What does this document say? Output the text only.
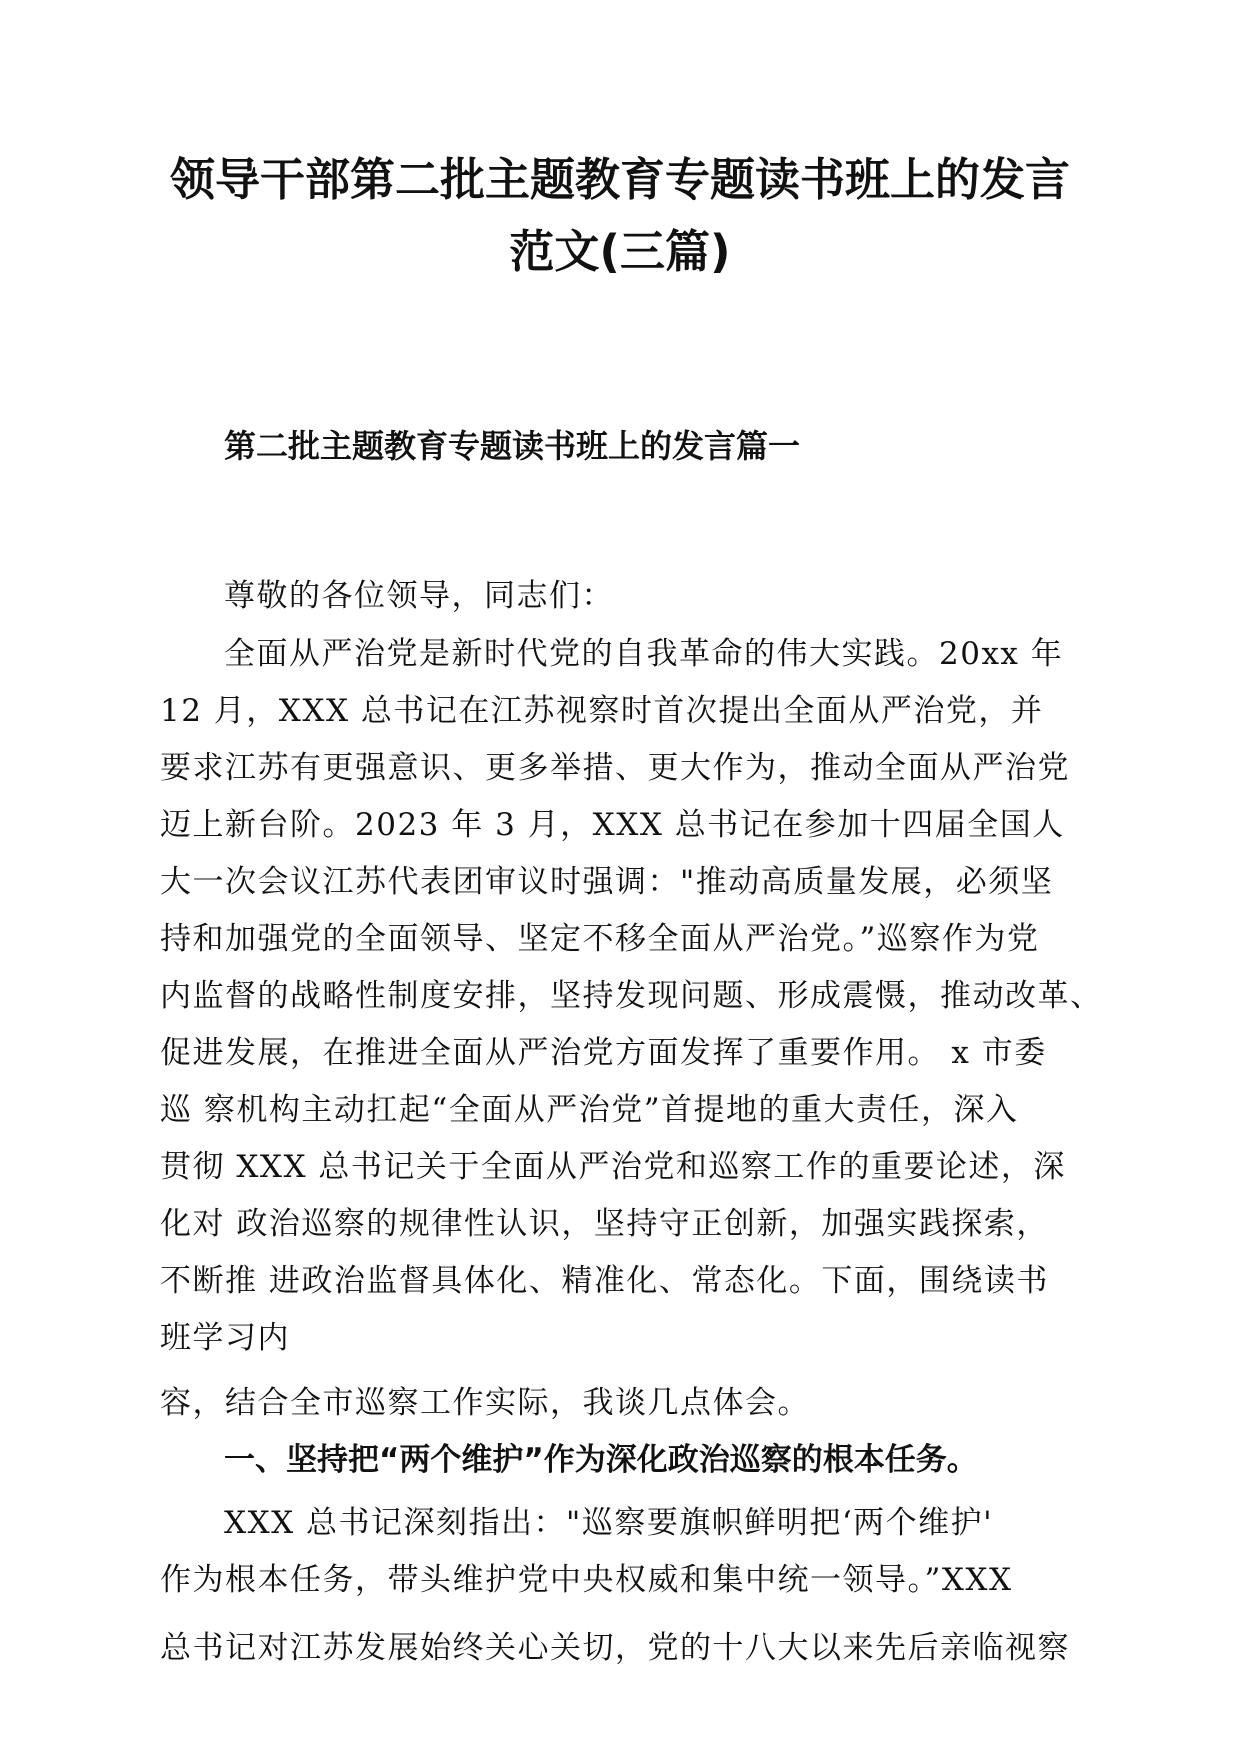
领导干部第二批主题教育专题读书班上的发言
范文(三篇)
第二批主题教育专题读书班上的发言篇一

尊敬的各位领导，同志们：

全面从严治党是新时代党的自我革命的伟大实践。20xx 年

12 月，XXX 总书记在江苏视察时首次提出全面从严治党，并

要求江苏有更强意识、更多举措、更大作为，推动全面从严治党

迈上新台阶。2023 年 3 月，XXX 总书记在参加十四届全国人

大一次会议江苏代表团审议时强调："推动高质量发展，必须坚

持和加强党的全面领导、坚定不移全面从严治党。”巡察作为党

内监督的战略性制度安排，坚持发现问题、形成震慑，推动改革、

促进发展，在推进全面从严治党方面发挥了重要作用。 x 市委

巡 察机构主动扛起“全面从严治党”首提地的重大责任，深入

贯彻 XXX 总书记关于全面从严治党和巡察工作的重要论述，深

化对 政治巡察的规律性认识，坚持守正创新，加强实践探索，

不断推 进政治监督具体化、精准化、常态化。下面，围绕读书

班学习内

容，结合全市巡察工作实际，我谈几点体会。

一、坚持把“两个维护”作为深化政治巡察的根本任务。

XXX 总书记深刻指出："巡察要旗帜鲜明把‘两个维护'

作为根本任务，带头维护党中央权威和集中统一领导。”XXX

总书记对江苏发展始终关心关切，党的十八大以来先后亲临视察
